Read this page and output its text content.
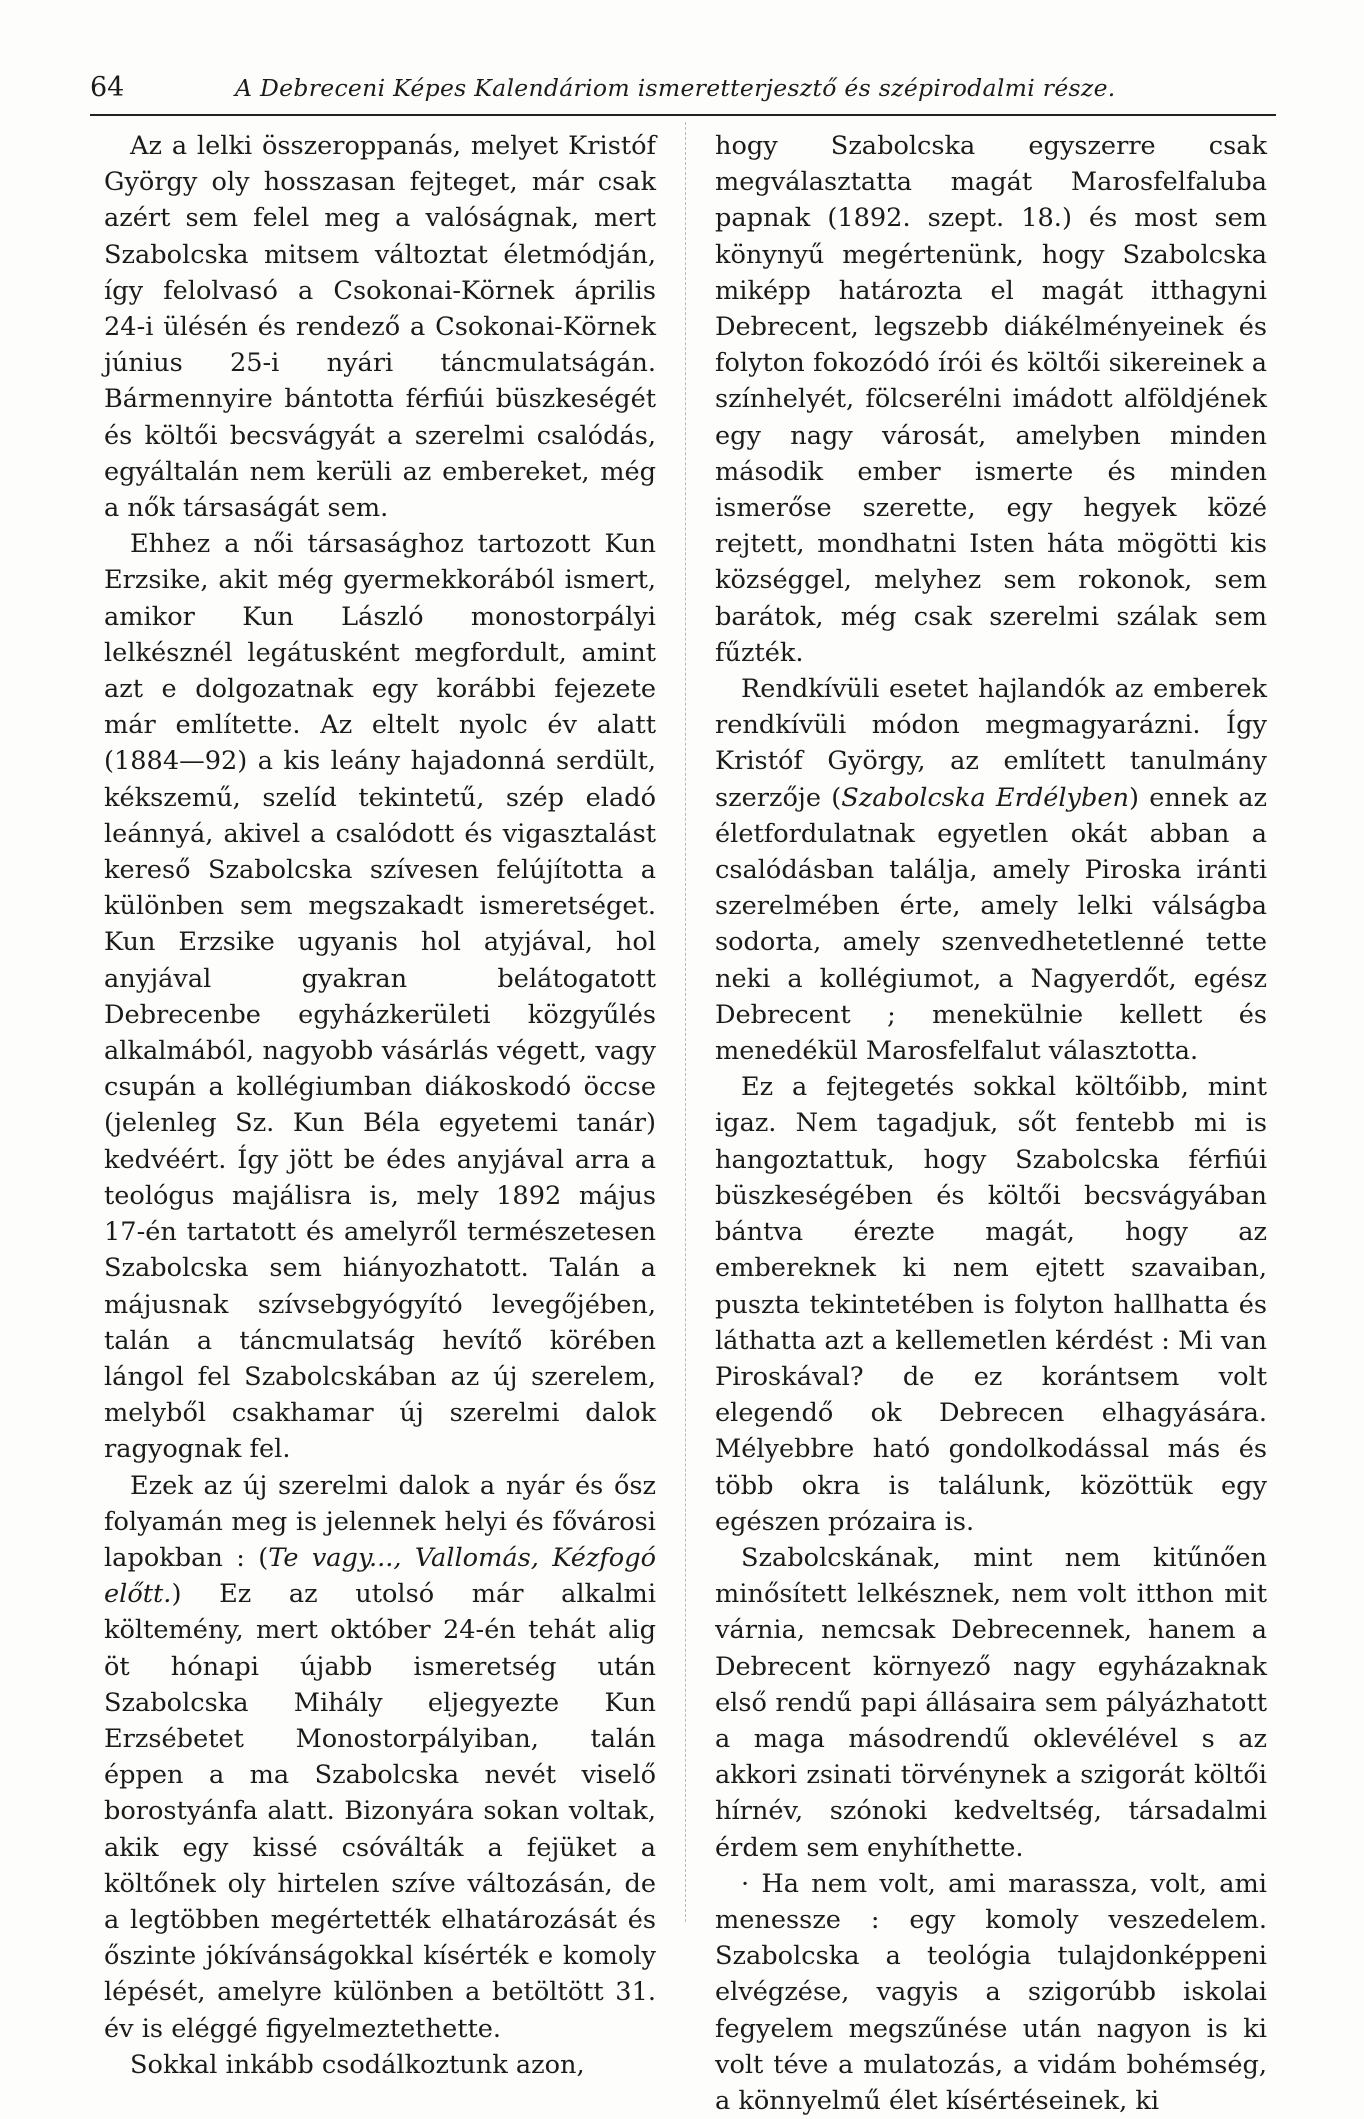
64	A Debreceni Képes Kalendáriom ismeretterjesztő és szépirodalmi része.

Az a lelki összeroppanás, melyet Kristóf György oly hosszasan fejteget, már csak azért sem felel meg a valóságnak, mert Szabolcska mitsem változtat életmódján, így felolvasó a Csokonai-Körnek április 24-i ülésén és rendező a Csokonai-Körnek június 25-i nyári táncmulatságán. Bármennyire bántotta férfiúi büszkeségét és költői becsvágyát a szerelmi csalódás, egyáltalán nem kerüli az embereket, még a nők társaságát sem.

Ehhez a női társasághoz tartozott Kun Erzsike, akit még gyermekkorából ismert, amikor Kun László monostorpályi lelkésznél legátusként megfordult, amint azt e dolgozatnak egy korábbi fejezete már említette. Az eltelt nyolc év alatt (1884—92) a kis leány hajadonná serdült, kékszemű, szelíd tekintetű, szép eladó leánnyá, akivel a csalódott és vigasztalást kereső Szabolcska szívesen felújította a különben sem megszakadt ismeretséget. Kun Erzsike ugyanis hol atyjával, hol anyjával gyakran belátogatott Debrecenbe egyházkerületi közgyűlés alkalmából, nagyobb vásárlás végett, vagy csupán a kollégiumban diákoskodó öccse (jelenleg Sz. Kun Béla egyetemi tanár) kedvéért. Így jött be édes anyjával arra a teológus majálisra is, mely 1892 május 17-én tartatott és amelyről természetesen Szabolcska sem hiányozhatott. Talán a májusnak szívsebgyógyító levegőjében, talán a táncmulatság hevítő körében lángol fel Szabolcskában az új szerelem, melyből csakhamar új szerelmi dalok ragyognak fel.

Ezek az új szerelmi dalok a nyár és ősz folyamán meg is jelennek helyi és fővárosi lapokban : (Te vagy..., Vallomás, Kézfogó előtt.) Ez az utolsó már alkalmi költemény, mert október 24-én tehát alig öt hónapi újabb ismeretség után Szabolcska Mihály eljegyezte Kun Erzsébetet Monostorpályiban, talán éppen a ma Szabolcska nevét viselő borostyánfa alatt. Bizonyára sokan voltak, akik egy kissé csóválták a fejüket a költőnek oly hirtelen szíve változásán, de a legtöbben megértették elhatározását és őszinte jókívánságokkal kísérték e komoly lépését, amelyre különben a betöltött 31. év is eléggé figyelmeztethette.

Sokkal inkább csodálkoztunk azon,

hogy Szabolcska egyszerre csak megválasztatta magát Marosfelfaluba papnak (1892. szept. 18.) és most sem könynyű megértenünk, hogy Szabolcska miképp határozta el magát itthagyni Debrecent, legszebb diákélményeinek és folyton fokozódó írói és költői sikereinek a színhelyét, fölcserélni imádott alföldjének egy nagy városát, amelyben minden második ember ismerte és minden ismerőse szerette, egy hegyek közé rejtett, mondhatni Isten háta mögötti kis községgel, melyhez sem rokonok, sem barátok, még csak szerelmi szálak sem fűzték.

Rendkívüli esetet hajlandók az emberek rendkívüli módon megmagyarázni. Így Kristóf György, az említett tanulmány szerzője (Szabolcska Erdélyben) ennek az életfordulatnak egyetlen okát abban a csalódásban találja, amely Piroska iránti szerelmében érte, amely lelki válságba sodorta, amely szenvedhetetlenné tette neki a kollégiumot, a Nagyerdőt, egész Debrecent ; menekülnie kellett és menedékül Marosfelfalut választotta.

Ez a fejtegetés sokkal költőibb, mint igaz. Nem tagadjuk, sőt fentebb mi is hangoztattuk, hogy Szabolcska férfiúi büszkeségében és költői becsvágyában bántva érezte magát, hogy az embereknek ki nem ejtett szavaiban, puszta tekintetében is folyton hallhatta és láthatta azt a kellemetlen kérdést : Mi van Piroskával? de ez korántsem volt elegendő ok Debrecen elhagyására. Mélyebbre ható gondolkodással más és több okra is találunk, közöttük egy egészen prózaira is.

Szabolcskának, mint nem kitűnően minősített lelkésznek, nem volt itthon mit várnia, nemcsak Debrecennek, hanem a Debrecent környező nagy egyházaknak első rendű papi állásaira sem pályázhatott a maga másodrendű oklevélével s az akkori zsinati törvénynek a szigorát költői hírnév, szónoki kedveltség, társadalmi érdem sem enyhíthette.

· Ha nem volt, ami marassza, volt, ami menessze : egy komoly veszedelem. Szabolcska a teológia tulajdonképpeni elvégzése, vagyis a szigorúbb iskolai fegyelem megszűnése után nagyon is ki volt téve a mulatozás, a vidám bohémség, a könnyelmű élet kísértéseinek, ki
